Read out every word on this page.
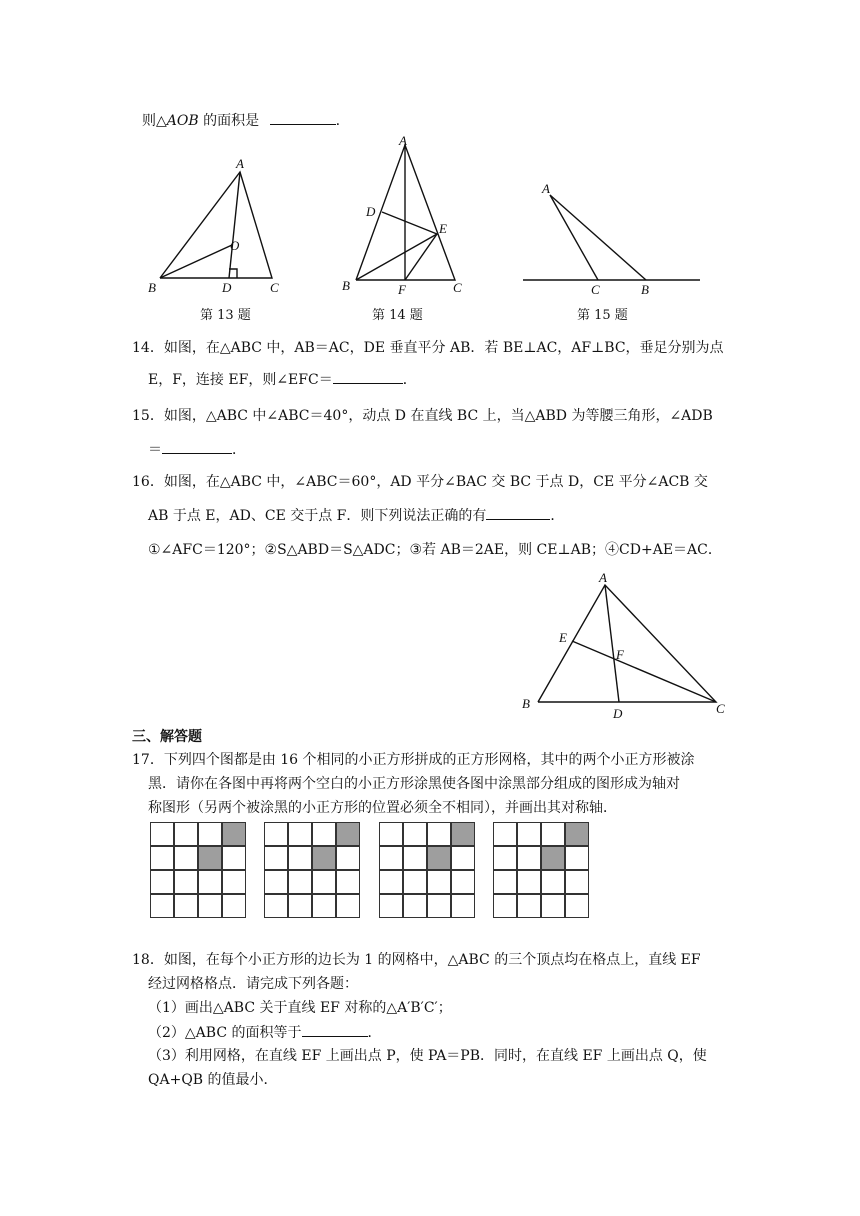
则△AOB 的面积是	.
A
O
B	D	C
第 13 题
A
D
E
B	F	C
第 14 题
A
C	B
第 15 题
14．如图，在△ABC 中，AB＝AC，DE 垂直平分 AB．若 BE⊥AC，AF⊥BC，垂足分别为点
E，F，连接 EF，则∠EFC＝	．
15．如图，△ABC 中∠ABC＝40°，动点 D 在直线 BC 上，当△ABD 为等腰三角形，∠ADB
＝	．
16．如图，在△ABC 中，∠ABC＝60°，AD 平分∠BAC 交 BC 于点 D，CE 平分∠ACB 交
AB 于点 E，AD、CE 交于点 F．则下列说法正确的有	．
①∠AFC＝120°；②S△ABD＝S△ADC；③若 AB＝2AE，则 CE⊥AB；④CD+AE＝AC．
A
E
F
B
D	C
三、解答题
17．下列四个图都是由 16 个相同的小正方形拼成的正方形网格，其中的两个小正方形被涂
黑．请你在各图中再将两个空白的小正方形涂黑使各图中涂黑部分组成的图形成为轴对
称图形（另两个被涂黑的小正方形的位置必须全不相同），并画出其对称轴．
18．如图，在每个小正方形的边长为 1 的网格中，△ABC 的三个顶点均在格点上，直线 EF
经过网格格点．请完成下列各题：
（1）画出△ABC 关于直线 EF 对称的△A′B′C′；
（2）△ABC 的面积等于	．
（3）利用网格，在直线 EF 上画出点 P，使 PA＝PB．同时，在直线 EF 上画出点 Q，使
QA+QB 的值最小．
